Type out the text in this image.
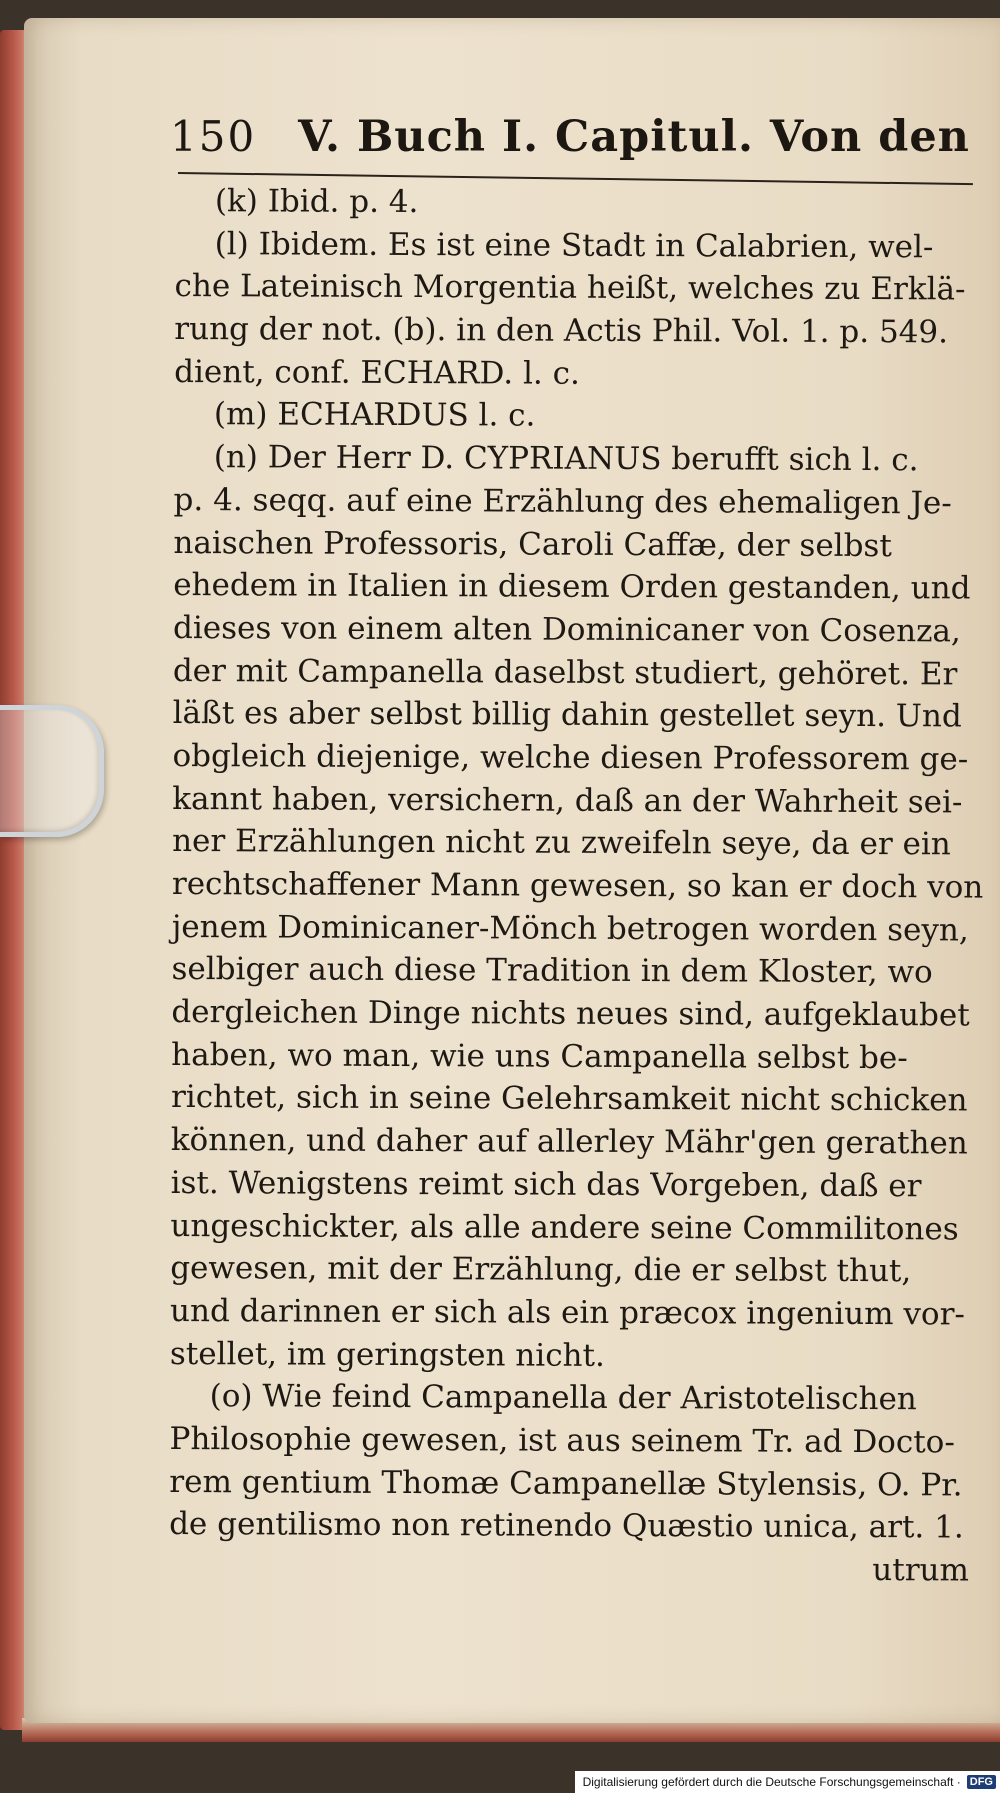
150 V. Buch I. Capitul. Von den
(k) Ibid. p. 4.
(l) Ibidem. Es ist eine Stadt in Calabrien, wel-
che Lateinisch Morgentia heißt, welches zu Erklä-
rung der not. (b). in den Actis Phil. Vol. 1. p. 549.
dient, conf. ECHARD. l. c.
(m) ECHARDUS l. c.
(n) Der Herr D. CYPRIANUS berufft sich l. c.
p. 4. seqq. auf eine Erzählung des ehemaligen Je-
naischen Professoris, Caroli Caffæ, der selbst
ehedem in Italien in diesem Orden gestanden, und
dieses von einem alten Dominicaner von Cosenza,
der mit Campanella daselbst studiert, gehöret. Er
läßt es aber selbst billig dahin gestellet seyn. Und
obgleich diejenige, welche diesen Professorem ge-
kannt haben, versichern, daß an der Wahrheit sei-
ner Erzählungen nicht zu zweifeln seye, da er ein
rechtschaffener Mann gewesen, so kan er doch von
jenem Dominicaner-Mönch betrogen worden seyn,
selbiger auch diese Tradition in dem Kloster, wo
dergleichen Dinge nichts neues sind, aufgeklaubet
haben, wo man, wie uns Campanella selbst be-
richtet, sich in seine Gelehrsamkeit nicht schicken
können, und daher auf allerley Mähr'gen gerathen
ist. Wenigstens reimt sich das Vorgeben, daß er
ungeschickter, als alle andere seine Commilitones
gewesen, mit der Erzählung, die er selbst thut,
und darinnen er sich als ein præcox ingenium vor-
stellet, im geringsten nicht.
(o) Wie feind Campanella der Aristotelischen
Philosophie gewesen, ist aus seinem Tr. ad Docto-
rem gentium Thomæ Campanellæ Stylensis, O. Pr.
de gentilismo non retinendo Quæstio unica, art. 1.
utrum
Digitalisierung gefördert durch die Deutsche Forschungsgemeinschaft · DFG
